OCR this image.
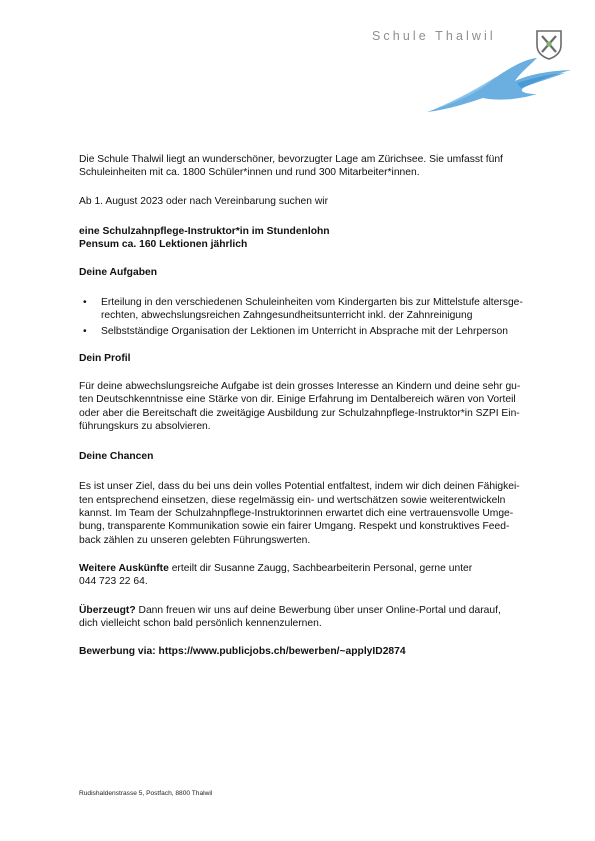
Schule Thalwil

Die Schule Thalwil liegt an wunderschöner, bevorzugter Lage am Zürichsee. Sie umfasst fünf
Schuleinheiten mit ca. 1800 Schüler*innen und rund 300 Mitarbeiter*innen.

Ab 1. August 2023 oder nach Vereinbarung suchen wir

eine Schulzahnpflege-Instruktor*in im Stundenlohn
Pensum ca. 160 Lektionen jährlich

Deine Aufgaben

• Erteilung in den verschiedenen Schuleinheiten vom Kindergarten bis zur Mittelstufe altersge-
rechten, abwechslungsreichen Zahngesundheitsunterricht inkl. der Zahnreinigung
• Selbstständige Organisation der Lektionen im Unterricht in Absprache mit der Lehrperson

Dein Profil

Für deine abwechslungsreiche Aufgabe ist dein grosses Interesse an Kindern und deine sehr gu-
ten Deutschkenntnisse eine Stärke von dir. Einige Erfahrung im Dentalbereich wären von Vorteil
oder aber die Bereitschaft die zweitägige Ausbildung zur Schulzahnpflege-Instruktor*in SZPI Ein-
führungskurs zu absolvieren.

Deine Chancen

Es ist unser Ziel, dass du bei uns dein volles Potential entfaltest, indem wir dich deinen Fähigkei-
ten entsprechend einsetzen, diese regelmässig ein- und wertschätzen sowie weiterentwickeln
kannst. Im Team der Schulzahnpflege-Instruktorinnen erwartet dich eine vertrauensvolle Umge-
bung, transparente Kommunikation sowie ein fairer Umgang. Respekt und konstruktives Feed-
back zählen zu unseren gelebten Führungswerten.

Weitere Auskünfte erteilt dir Susanne Zaugg, Sachbearbeiterin Personal, gerne unter
044 723 22 64.

Überzeugt? Dann freuen wir uns auf deine Bewerbung über unser Online-Portal und darauf,
dich vielleicht schon bald persönlich kennenzulernen.

Bewerbung via: https://www.publicjobs.ch/bewerben/~applyID2874

Rudishaldenstrasse 5, Postfach, 8800 Thalwil
